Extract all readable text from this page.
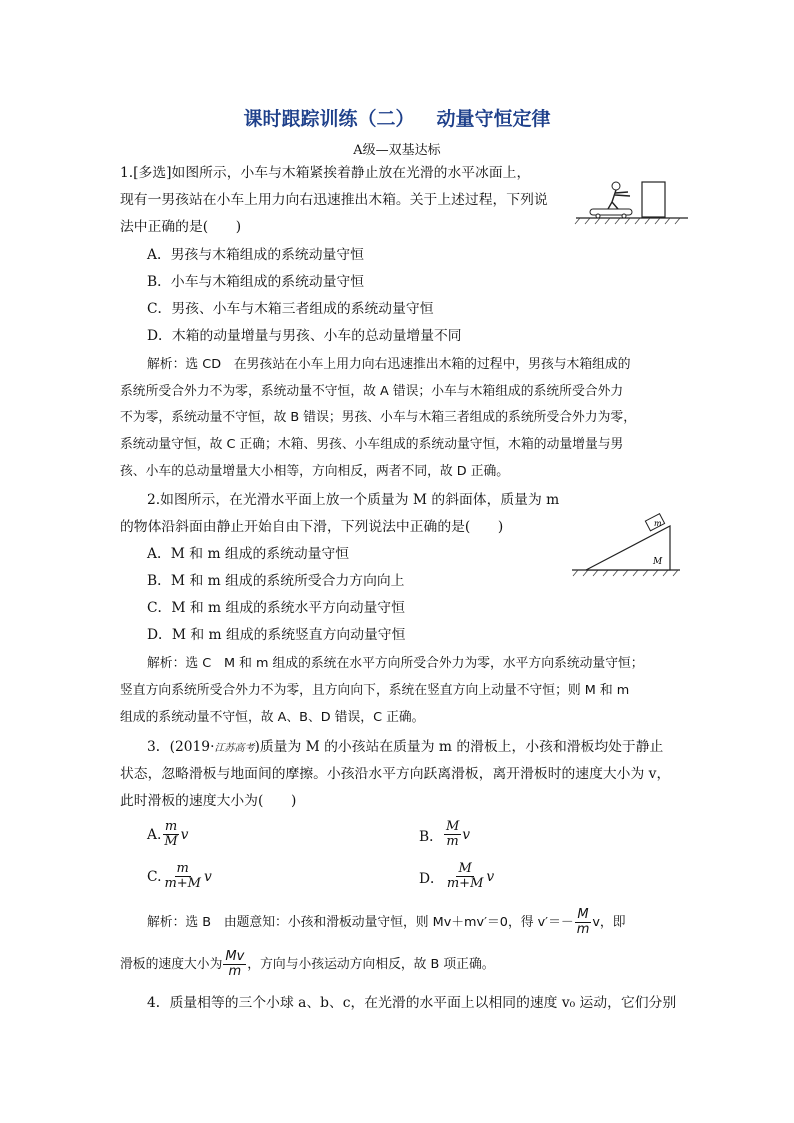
课时跟踪训练（二） 动量守恒定律
A级—双基达标
1.[多选]如图所示，小车与木箱紧挨着静止放在光滑的水平冰面上，
现有一男孩站在小车上用力向右迅速推出木箱。关于上述过程，下列说
法中正确的是(　　)
A．男孩与木箱组成的系统动量守恒
B．小车与木箱组成的系统动量守恒
C．男孩、小车与木箱三者组成的系统动量守恒
D．木箱的动量增量与男孩、小车的总动量增量不同
解析：选 CD　在男孩站在小车上用力向右迅速推出木箱的过程中，男孩与木箱组成的
系统所受合外力不为零，系统动量不守恒，故 A 错误；小车与木箱组成的系统所受合外力
不为零，系统动量不守恒，故 B 错误；男孩、小车与木箱三者组成的系统所受合外力为零，
系统动量守恒，故 C 正确；木箱、男孩、小车组成的系统动量守恒，木箱的动量增量与男
孩、小车的总动量增量大小相等，方向相反，两者不同，故 D 正确。
2.如图所示，在光滑水平面上放一个质量为 M 的斜面体，质量为 m
的物体沿斜面由静止开始自由下滑，下列说法中正确的是(　　)	m
M
A．M 和 m 组成的系统动量守恒
B．M 和 m 组成的系统所受合力方向向上
C．M 和 m 组成的系统水平方向动量守恒
D．M 和 m 组成的系统竖直方向动量守恒
解析：选 C　M 和 m 组成的系统在水平方向所受合外力为零，水平方向系统动量守恒；
竖直方向系统所受合外力不为零，且方向向下，系统在竖直方向上动量不守恒；则 M 和 m
组成的系统动量不守恒，故 A、B、D 错误，C 正确。
3．(2019·江苏高考)质量为 M 的小孩站在质量为 m 的滑板上，小孩和滑板均处于静止
状态，忽略滑板与地面间的摩擦。小孩沿水平方向跃离滑板，离开滑板时的速度大小为 v，
此时滑板的速度大小为(　　)
A. $\frac{m}{M}$ v	B． $\frac{M}{m}$ v
C. $\frac{m}{m+M}$ v	D． $\frac{M}{m+M}$ v
解析：选 B　由题意知：小孩和滑板动量守恒，则 Mv＋mv′＝0，得 $v'=- \frac{M}{m}$ v，即
滑板的速度大小为 $\frac{Mv}{m}$ ，方向与小孩运动方向相反，故 B 项正确。
4．质量相等的三个小球 a、b、c，在光滑的水平面上以相同的速度 v₀ 运动，它们分别
